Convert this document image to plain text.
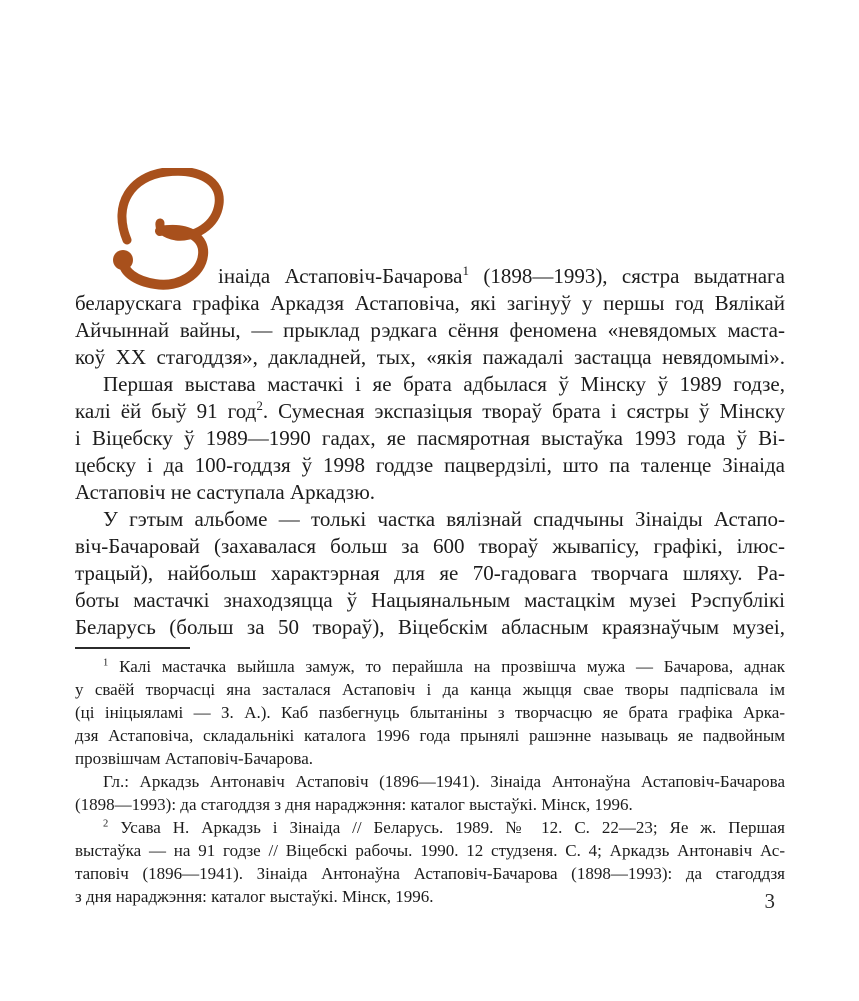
інаіда Астаповіч-Бачарова$^1$ (1898—1993), сястра выдатнага
беларускага графіка Аркадзя Астаповіча, які загінуў у першы год Вялікай
Айчыннай вайны, — прыклад рэдкага сёння феномена «невядомых маста-
коў XX стагоддзя», дакладней, тых, «якія пажадалі застацца невядомымі».
Першая выстава мастачкі і яе брата адбылася ў Мінску ў 1989 годзе,
калі ёй быў 91 год$^2$. Сумесная экспазіцыя твораў брата і сястры ў Мінску
і Віцебску ў 1989—1990 гадах, яе пасмяротная выстаўка 1993 года ў Ві-
цебску і да 100-годдзя ў 1998 годдзе пацвердзілі, што па таленце Зінаіда
Астаповіч не саступала Аркадзю.
У гэтым альбоме — толькі частка вялізнай спадчыны Зінаіды Астапо-
віч-Бачаровай (захавалася больш за 600 твораў жывапісу, графікі, ілюс-
трацый), найбольш характэрная для яе 70-гадовага творчага шляху. Ра-
боты мастачкі знаходзяцца ў Нацыянальным мастацкім музеі Рэспублікі
Беларусь (больш за 50 твораў), Віцебскім абласным краязнаўчым музеі,
$^1$ Калі мастачка выйшла замуж, то перайшла на прозвішча мужа — Бачарова, аднак
у сваёй творчасці яна засталася Астаповіч і да канца жыцця свае творы падпісвала ім
(ці ініцыяламі — З. А.). Каб пазбегнуць блытаніны з творчасцю яе брата графіка Арка-
дзя Астаповіча, складальнікі каталога 1996 года прынялі рашэнне называць яе падвойным
прозвішчам Астаповіч-Бачарова.
Гл.: Аркадзь Антонавіч Астаповіч (1896—1941). Зінаіда Антонаўна Астаповіч-Бачарова
(1898—1993): да стагоддзя з дня нараджэння: каталог выстаўкі. Мінск, 1996.
$^2$ Усава Н. Аркадзь і Зінаіда // Беларусь. 1989. № 12. С. 22—23; Яе ж. Першая
выстаўка — на 91 годзе // Віцебскі рабочы. 1990. 12 студзеня. С. 4; Аркадзь Антонавіч Ас-
таповіч (1896—1941). Зінаіда Антонаўна Астаповіч-Бачарова (1898—1993): да стагоддзя
з дня нараджэння: каталог выстаўкі. Мінск, 1996.	3
